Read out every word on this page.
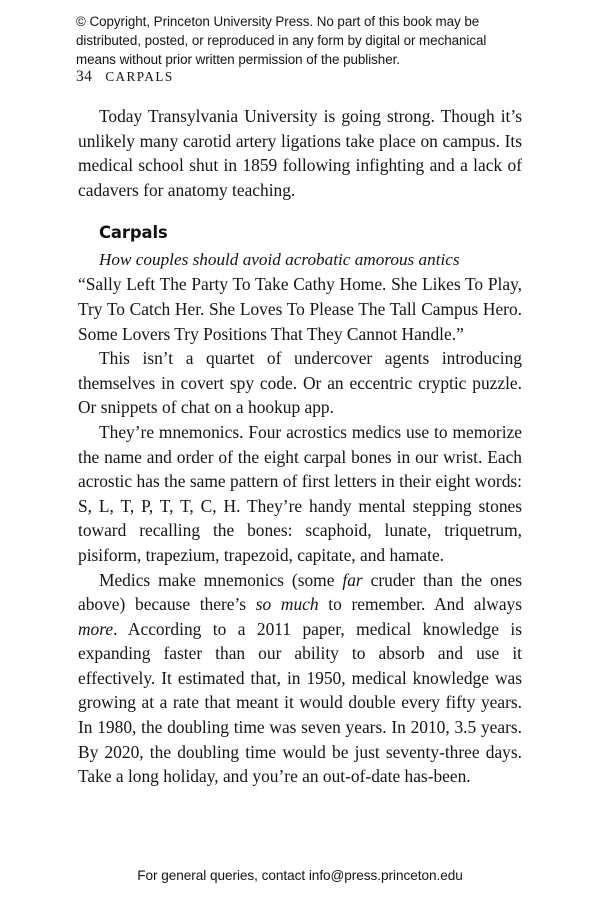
© Copyright, Princeton University Press. No part of this book may be distributed, posted, or reproduced in any form by digital or mechanical means without prior written permission of the publisher.
34 CARPALS

Today Transylvania University is going strong. Though it’s unlikely many carotid artery ligations take place on campus. Its medical school shut in 1859 following infighting and a lack of cadavers for anatomy teaching.

Carpals

How couples should avoid acrobatic amorous antics

“Sally Left The Party To Take Cathy Home. She Likes To Play, Try To Catch Her. She Loves To Please The Tall Campus Hero. Some Lovers Try Positions That They Cannot Handle.”

This isn’t a quartet of undercover agents introducing themselves in covert spy code. Or an eccentric cryptic puzzle. Or snippets of chat on a hookup app.

They’re mnemonics. Four acrostics medics use to memorize the name and order of the eight carpal bones in our wrist. Each acrostic has the same pattern of first letters in their eight words: S, L, T, P, T, T, C, H. They’re handy mental stepping stones toward recalling the bones: scaphoid, lunate, triquetrum, pisiform, trapezium, trapezoid, capitate, and hamate.

Medics make mnemonics (some far cruder than the ones above) because there’s so much to remember. And always more. According to a 2011 paper, medical knowledge is expanding faster than our ability to absorb and use it effectively. It estimated that, in 1950, medical knowledge was growing at a rate that meant it would double every fifty years. In 1980, the doubling time was seven years. In 2010, 3.5 years. By 2020, the doubling time would be just seventy-three days. Take a long holiday, and you’re an out-of-date has-been.

For general queries, contact info@press.princeton.edu
